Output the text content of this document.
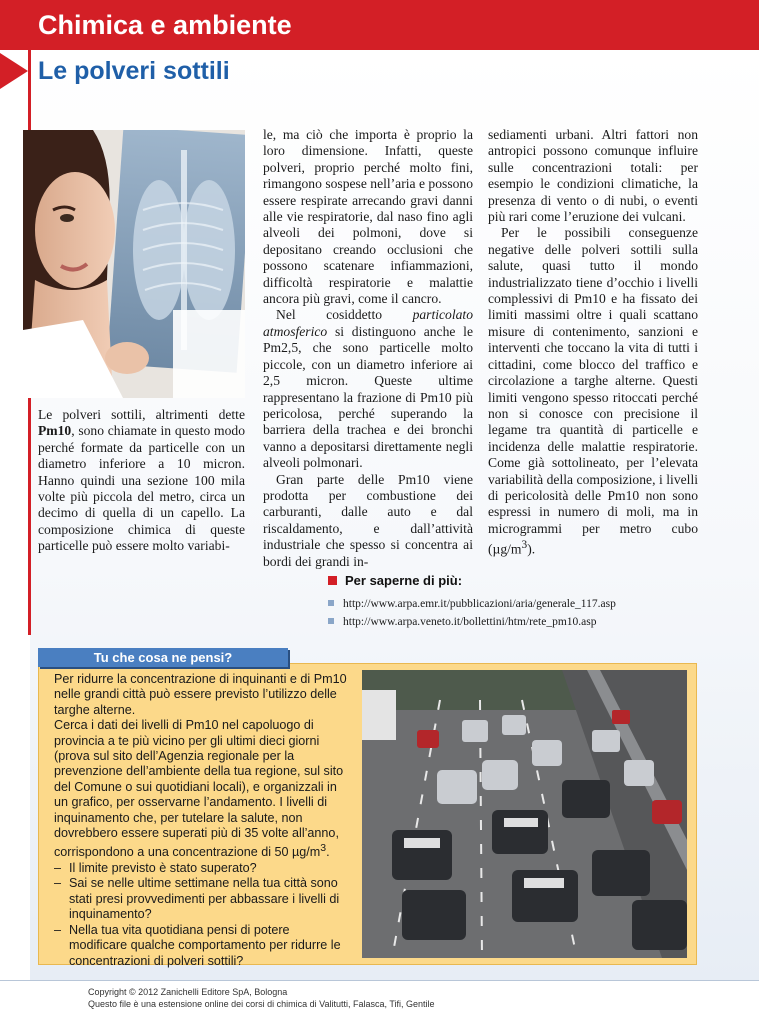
Chimica e ambiente
Le polveri sottili

Le polveri sottili, altrimenti dette Pm10, sono chiamate in questo modo perché formate da particelle con un diametro inferiore a 10 micron. Hanno quindi una sezione 100 mila volte più piccola del metro, circa un decimo di quella di un capello. La composizione chimica di queste particelle può essere molto variabi-

le, ma ciò che importa è proprio la loro dimensione. Infatti, queste polveri, proprio perché molto fini, rimangono sospese nell’aria e possono essere respirate arrecando gravi danni alle vie respiratorie, dal naso fino agli alveoli dei polmoni, dove si depositano creando occlusioni che possono scatenare infiammazioni, difficoltà respiratorie e malattie ancora più gravi, come il cancro.

Nel cosiddetto particolato atmosferico si distinguono anche le Pm2,5, che sono particelle molto piccole, con un diametro inferiore ai 2,5 micron. Queste ultime rappresentano la frazione di Pm10 più pericolosa, perché superando la barriera della trachea e dei bronchi vanno a depositarsi direttamente negli alveoli polmonari.

Gran parte delle Pm10 viene prodotta per combustione dei carburanti, dalle auto e dal riscaldamento, e dall’attività industriale che spesso si concentra ai bordi dei grandi in-

sediamenti urbani. Altri fattori non antropici possono comunque influire sulle concentrazioni totali: per esempio le condizioni climatiche, la presenza di vento o di nubi, o eventi più rari come l’eruzione dei vulcani.

Per le possibili conseguenze negative delle polveri sottili sulla salute, quasi tutto il mondo industrializzato tiene d’occhio i livelli complessivi di Pm10 e ha fissato dei limiti massimi oltre i quali scattano misure di contenimento, sanzioni e interventi che toccano la vita di tutti i cittadini, come blocco del traffico e circolazione a targhe alterne. Questi limiti vengono spesso ritoccati perché non si conosce con precisione il legame tra quantità di particelle e incidenza delle malattie respiratorie. Come già sottolineato, per l’elevata variabilità della composizione, i livelli di pericolosità delle Pm10 non sono espressi in numero di moli, ma in microgrammi per metro cubo $(\mu g/m^3)$.

Per saperne di più:
http://www.arpa.emr.it/pubblicazioni/aria/generale_117.asp
http://www.arpa.veneto.it/bollettini/htm/rete_pm10.asp
Tu che cosa ne pensi?

Per ridurre la concentrazione di inquinanti e di Pm10 nelle grandi città può essere previsto l’utilizzo delle targhe alterne.

Cerca i dati dei livelli di Pm10 nel capoluogo di provincia a te più vicino per gli ultimi dieci giorni (prova sul sito dell’Agenzia regionale per la prevenzione dell’ambiente della tua regione, sul sito del Comune o sui quotidiani locali), e organizzali in un grafico, per osservarne l’andamento. I livelli di inquinamento che, per tutelare la salute, non dovrebbero essere superati più di 35 volte all’anno, corrispondono a una concentrazione di 50 $\mu g/m^3$.

– Il limite previsto è stato superato?
– Sai se nelle ultime settimane nella tua città sono stati presi provvedimenti per abbassare i livelli di inquinamento?
– Nella tua vita quotidiana pensi di potere modificare qualche comportamento per ridurre le concentrazioni di polveri sottili?
Copyright © 2012 Zanichelli Editore SpA, Bologna
Questo file è una estensione online dei corsi di chimica di Valitutti, Falasca, Tifi, Gentile
